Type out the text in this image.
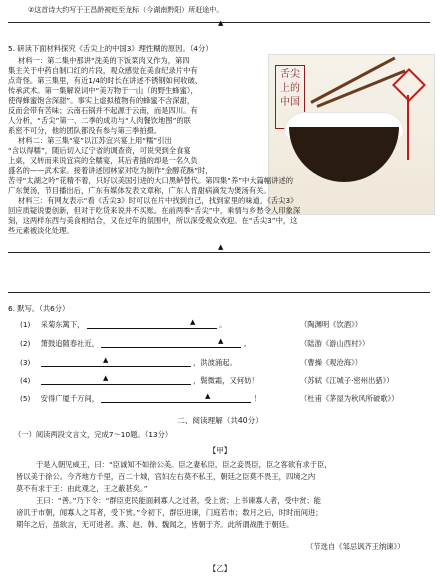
②这首诗大约写于王昌龄被贬至龙标（今湖南黔阳）所赶途中。
▲
5. 研读下面材料探究《舌尖上的中国3》理性糊的原因。（4分）
舌尖上的中国
材料一：第二集中那讲“洗美的下饭菜肉又作为，第四
集主关于中药自制口红的片段，观众感觉在美食纪录片中有
点奇怪。第三集里，有近1/4的时长在讲述不锈钢如何收破、
传承武术。第一集解说词中“美万物于一山（的野生蜂蜜），
使得蜂蜜饱含深甜”。事实上虚拟植物有的蜂蜜不含深甜，
反而会带有苦味；云南石锅并不起源于云南，而是四川。有
人分析，“舌尖”第一、二季的成功与“人肉餐饮地图”的联
系密不可分，他的团队都没有参与第三季拍摄。
材料二：第三集“宴”以江苏宜兴宴上用“糯”引出
“含以得糯”，随后切入辽宁省的调查资，可说突到全食宴
上桌，又转而来说宜宾的全糯宴，其后者插的却是一名久负
盛名的——武术家。接着讲述园林家对吃为制作“金醇花酥”时，
苦寻“太湖之吟”花精不着，只好以美国引进的大口黑鲈替代。第四集“养”中大篇幅讲述的
广东煲汤，节目播出后，广东有媒体发表文章称，广东人肯甜病滴发为煲汤有关。
材料三：有网友表示“看《舌尖3》时可以在片中找到自己，找到家里的味道，《舌尖3》
回应质疑说要创新，但对于吃货来说并不买账。在前两季“舌尖”中，乘情与乡愁令人印象深
刻，这两样东西与美食相结合，又在过年的氛围中，所以深受观众欢迎。在“舌尖3”中，这
些元素被淡化处理。
▲
6. 默写。（共6分）
(1) 采菊东篱下，	。	（陶渊明《饮酒》）
(2) 箫鼓追随春社近，	。	（陆游《游山西村》）
(3)	，洪波涌起。	（曹操《观沧海》）
(4)	，鬓微霜，又何妨！	（苏轼《江城子·密州出猎》）
(5) 安得广厦千万间，	！	（杜甫《茅屋为秋风所破歌》）
▲
▲
▲
▲
▲
二、阅读理解（共40分）
（一）阅读两段文言文，完成7～10题。（13分）
【甲】
于是入朝见威王，曰：“臣诚知不如徐公美。臣之妻私臣，臣之妾畏臣，臣之客欲有求于臣，
皆以美于徐公。今齐地方千里，百二十城，宫妇左右莫不私王，朝廷之臣莫不畏王，四境之内
莫不有求于王：由此观之，王之蔽甚矣。”
王曰：“善。”乃下令：“群臣吏民能面刺寡人之过者，受上赏；上书谏寡人者，受中赏；能
谤讥于市朝，闻寡人之耳者，受下赏。”令初下，群臣进谏，门庭若市；数月之后，时时而间进；
期年之后，虽欲言，无可进者。燕、赵、韩、魏闻之，皆朝于齐。此所谓战胜于朝廷。
（节选自《邹忌讽齐王纳谏》）
【乙】
